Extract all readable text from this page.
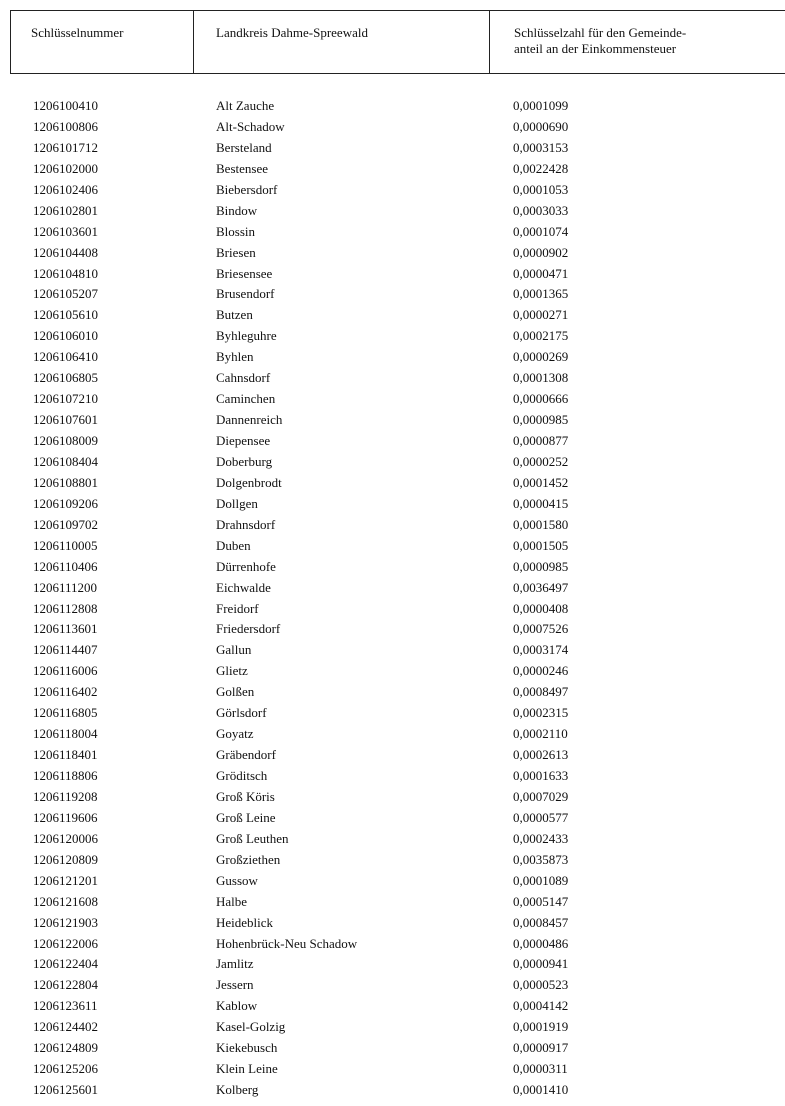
Schlüsselnummer	Landkreis Dahme-Spreewald	Schlüsselzahl für den Gemeinde-
anteil an der Einkommensteuer
1206100410	Alt Zauche	0,0001099
1206100806	Alt-Schadow	0,0000690
1206101712	Bersteland	0,0003153
1206102000	Bestensee	0,0022428
1206102406	Biebersdorf	0,0001053
1206102801	Bindow	0,0003033
1206103601	Blossin	0,0001074
1206104408	Briesen	0,0000902
1206104810	Briesensee	0,0000471
1206105207	Brusendorf	0,0001365
1206105610	Butzen	0,0000271
1206106010	Byhleguhre	0,0002175
1206106410	Byhlen	0,0000269
1206106805	Cahnsdorf	0,0001308
1206107210	Caminchen	0,0000666
1206107601	Dannenreich	0,0000985
1206108009	Diepensee	0,0000877
1206108404	Doberburg	0,0000252
1206108801	Dolgenbrodt	0,0001452
1206109206	Dollgen	0,0000415
1206109702	Drahnsdorf	0,0001580
1206110005	Duben	0,0001505
1206110406	Dürrenhofe	0,0000985
1206111200	Eichwalde	0,0036497
1206112808	Freidorf	0,0000408
1206113601	Friedersdorf	0,0007526
1206114407	Gallun	0,0003174
1206116006	Glietz	0,0000246
1206116402	Golßen	0,0008497
1206116805	Görlsdorf	0,0002315
1206118004	Goyatz	0,0002110
1206118401	Gräbendorf	0,0002613
1206118806	Gröditsch	0,0001633
1206119208	Groß Köris	0,0007029
1206119606	Groß Leine	0,0000577
1206120006	Groß Leuthen	0,0002433
1206120809	Großziethen	0,0035873
1206121201	Gussow	0,0001089
1206121608	Halbe	0,0005147
1206121903	Heideblick	0,0008457
1206122006	Hohenbrück-Neu Schadow	0,0000486
1206122404	Jamlitz	0,0000941
1206122804	Jessern	0,0000523
1206123611	Kablow	0,0004142
1206124402	Kasel-Golzig	0,0001919
1206124809	Kiekebusch	0,0000917
1206125206	Klein Leine	0,0000311
1206125601	Kolberg	0,0001410
